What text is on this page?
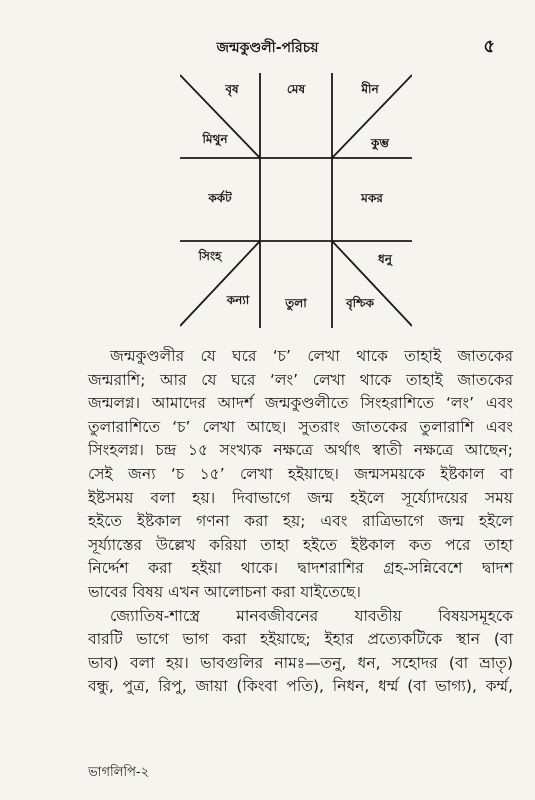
জন্মকুণ্ডলী-পরিচয়	৫
বৃষ	মেষ	মীন
মিথুন	কুম্ভ
কর্কট	মকর
সিংহ	ধনু
কন্যা	তুলা	বৃশ্চিক
জন্মকুণ্ডলীর যে ঘরে ‘চ’ লেখা থাকে তাহাই জাতকের
জন্মরাশি; আর যে ঘরে ‘লং’ লেখা থাকে তাহাই জাতকের
জন্মলগ্ন। আমাদের আদর্শ জন্মকুণ্ডলীতে সিংহরাশিতে ‘লং’ এবং
তুলারাশিতে ‘চ’ লেখা আছে। সুতরাং জাতকের তুলারাশি এবং
সিংহলগ্ন। চন্দ্র ১৫ সংখ্যক নক্ষত্রে অর্থাৎ স্বাতী নক্ষত্রে আছেন;
সেই জন্য ‘চ ১৫’ লেখা হইয়াছে। জন্মসময়কে ইষ্টকাল বা
ইষ্টসময় বলা হয়। দিবাভাগে জন্ম হইলে সূর্য্যোদয়ের সময়
হইতে ইষ্টকাল গণনা করা হয়; এবং রাত্রিভাগে জন্ম হইলে
সূর্য্যাস্তের উল্লেখ করিয়া তাহা হইতে ইষ্টকাল কত পরে তাহা
নির্দ্দেশ করা হইয়া থাকে। দ্বাদশরাশির গ্রহ-সন্নিবেশে দ্বাদশ
ভাবের বিষয় এখন আলোচনা করা যাইতেছে।
জ্যোতিষ-শাস্ত্রে মানবজীবনের যাবতীয় বিষয়সমূহকে
বারটি ভাগে ভাগ করা হইয়াছে; ইহার প্রত্যেকটিকে স্থান (বা
ভাব) বলা হয়। ভাবগুলির নামঃ—তনু, ধন, সহোদর (বা ভ্রাতৃ)
বন্ধু, পুত্র, রিপু, জায়া (কিংবা পতি), নিধন, ধর্ম্ম (বা ভাগ্য), কর্ম্ম,
ভাগলিপি-২
